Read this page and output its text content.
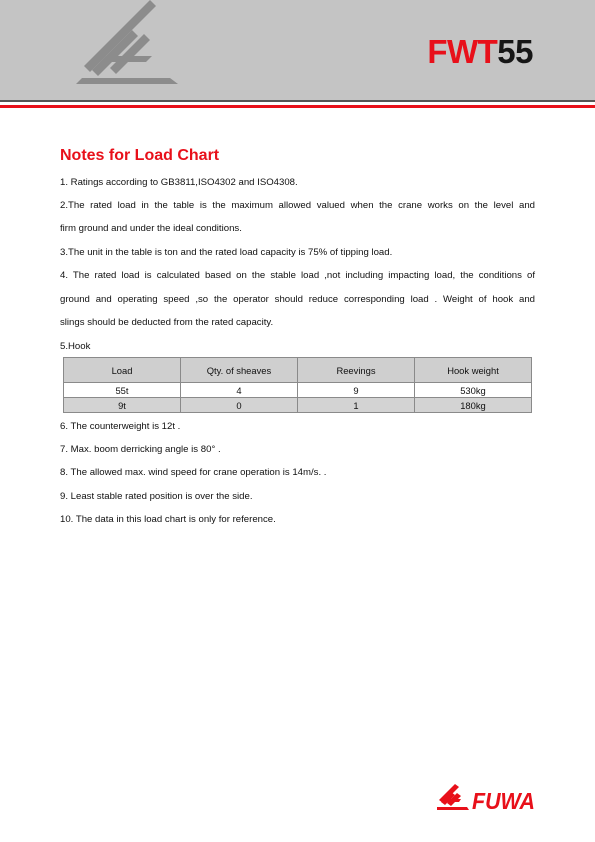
FWT55
Notes for Load Chart
1. Ratings according to GB3811,ISO4302 and ISO4308.
2.The rated load in the table is the maximum allowed valued when the crane works on the level and
firm ground and under the ideal conditions.
3.The unit in the table is ton and the rated load capacity is 75% of tipping load.
4. The rated load is calculated based on the stable load ,not including impacting load, the conditions of
ground and operating speed ,so the operator should reduce corresponding load . Weight of hook and
slings should be deducted from the rated capacity.
5.Hook
Load	Qty. of sheaves	Reevings	Hook weight
55t	4	9	530kg
9t	0	1	180kg
6. The counterweight is 12t .
7. Max. boom derricking angle is 80° .
8. The allowed max. wind speed for crane operation is 14m/s. .
9. Least stable rated position is over the side.
10. The data in this load chart is only for reference.
FUWA
